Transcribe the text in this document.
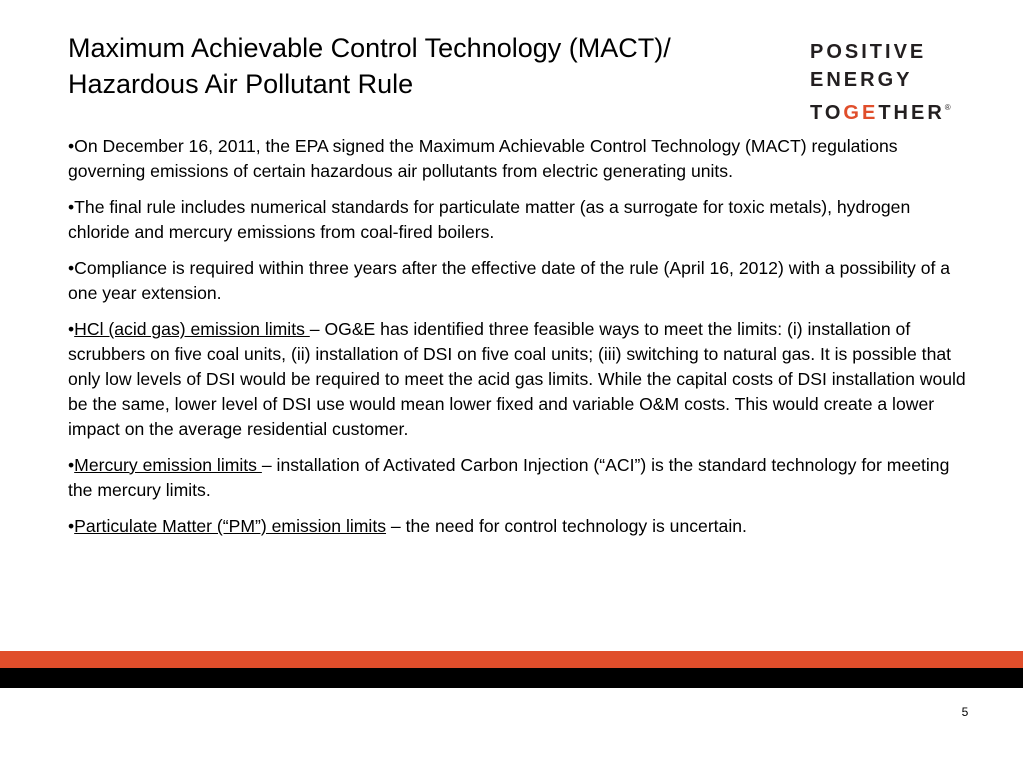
Maximum Achievable Control Technology (MACT)/
Hazardous Air Pollutant Rule
POSITIVE
ENERGY
TOGETHER®

•On December 16, 2011, the EPA signed the Maximum Achievable Control Technology (MACT) regulations governing emissions of certain hazardous air pollutants from electric generating units.

•The final rule includes numerical standards for particulate matter (as a surrogate for toxic metals), hydrogen chloride and mercury emissions from coal-fired boilers.

•Compliance is required within three years after the effective date of the rule (April 16, 2012) with a possibility of a one year extension.

•HCl (acid gas) emission limits – OG&E has identified three feasible ways to meet the limits: (i) installation of scrubbers on five coal units, (ii) installation of DSI on five coal units; (iii) switching to natural gas. It is possible that only low levels of DSI would be required to meet the acid gas limits. While the capital costs of DSI installation would be the same, lower level of DSI use would mean lower fixed and variable O&M costs. This would create a lower impact on the average residential customer.

•Mercury emission limits – installation of Activated Carbon Injection (“ACI”) is the standard technology for meeting the mercury limits.

•Particulate Matter (“PM”) emission limits – the need for control technology is uncertain.

5
